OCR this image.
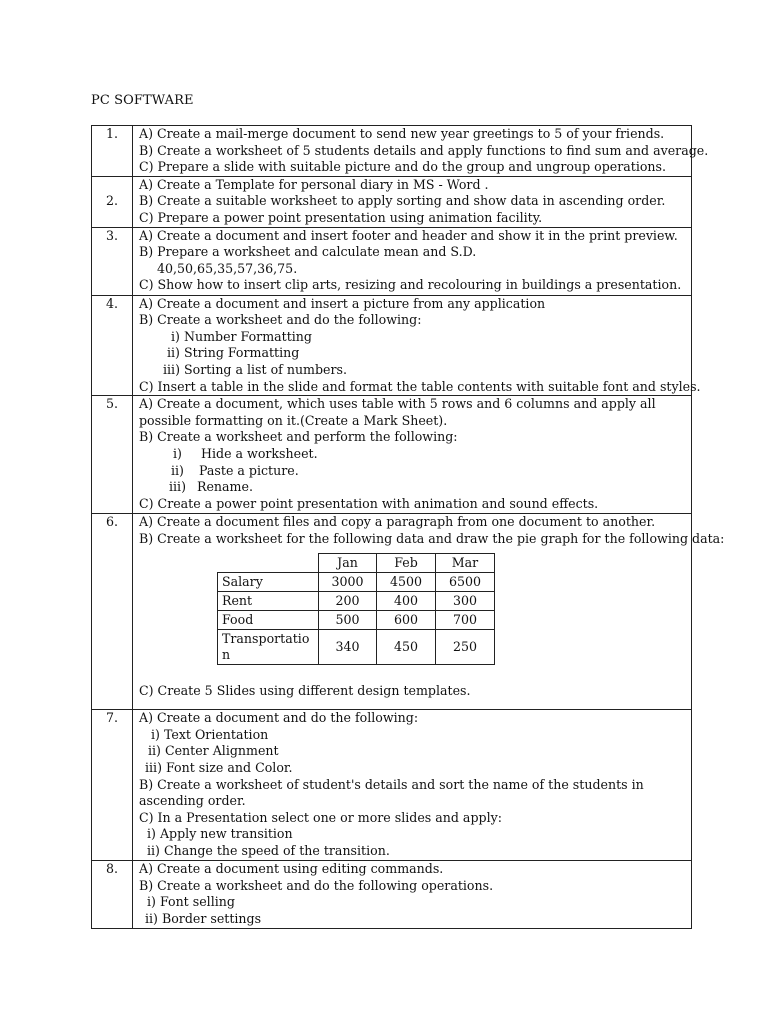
PC SOFTWARE
1.	A) Create a mail-merge document to send new year greetings to 5 of your friends.
B) Create a worksheet of 5 students details and apply functions to find sum and average.
C) Prepare a slide with suitable picture and do the group and ungroup operations.

2.	
A) Create a Template for personal diary in MS - Word .
B) Create a suitable worksheet to apply sorting and show data in ascending order.
C) Prepare a power point presentation using animation facility.

3.	A) Create a document and insert footer and header and show it in the print preview.
B) Prepare a worksheet and calculate mean and S.D.
40,50,65,35,57,36,75.
C) Show how to insert clip arts, resizing and recolouring in buildings a presentation.

4.	A) Create a document and insert a picture from any application
B) Create a worksheet and do the following:
i) Number Formatting
ii) String Formatting
iii) Sorting a list of numbers.
C) Insert a table in the slide and format the table contents with suitable font and styles.

5.	A) Create a document, which uses table with 5 rows and 6 columns and apply all possible formatting on it.(Create a Mark Sheet).
B) Create a worksheet and perform the following:
i) Hide a worksheet.
ii) Paste a picture.
iii) Rename.
C) Create a power point presentation with animation and sound effects.

6.	A) Create a document files and copy a paragraph from one document to another.
B) Create a worksheet for the following data and draw the pie graph for the following data:
	Jan	Feb	Mar
Salary	3000	4500	6500
Rent	200	400	300
Food	500	600	700
Transportatio n	340	450	250
C) Create 5 Slides using different design templates.

7.	A) Create a document and do the following:
i) Text Orientation
ii) Center Alignment
iii) Font size and Color.
B) Create a worksheet of student's details and sort the name of the students in ascending order.
C) In a Presentation select one or more slides and apply:
i) Apply new transition
ii) Change the speed of the transition.

8.	A) Create a document using editing commands.
B) Create a worksheet and do the following operations.
i) Font selling
ii) Border settings
